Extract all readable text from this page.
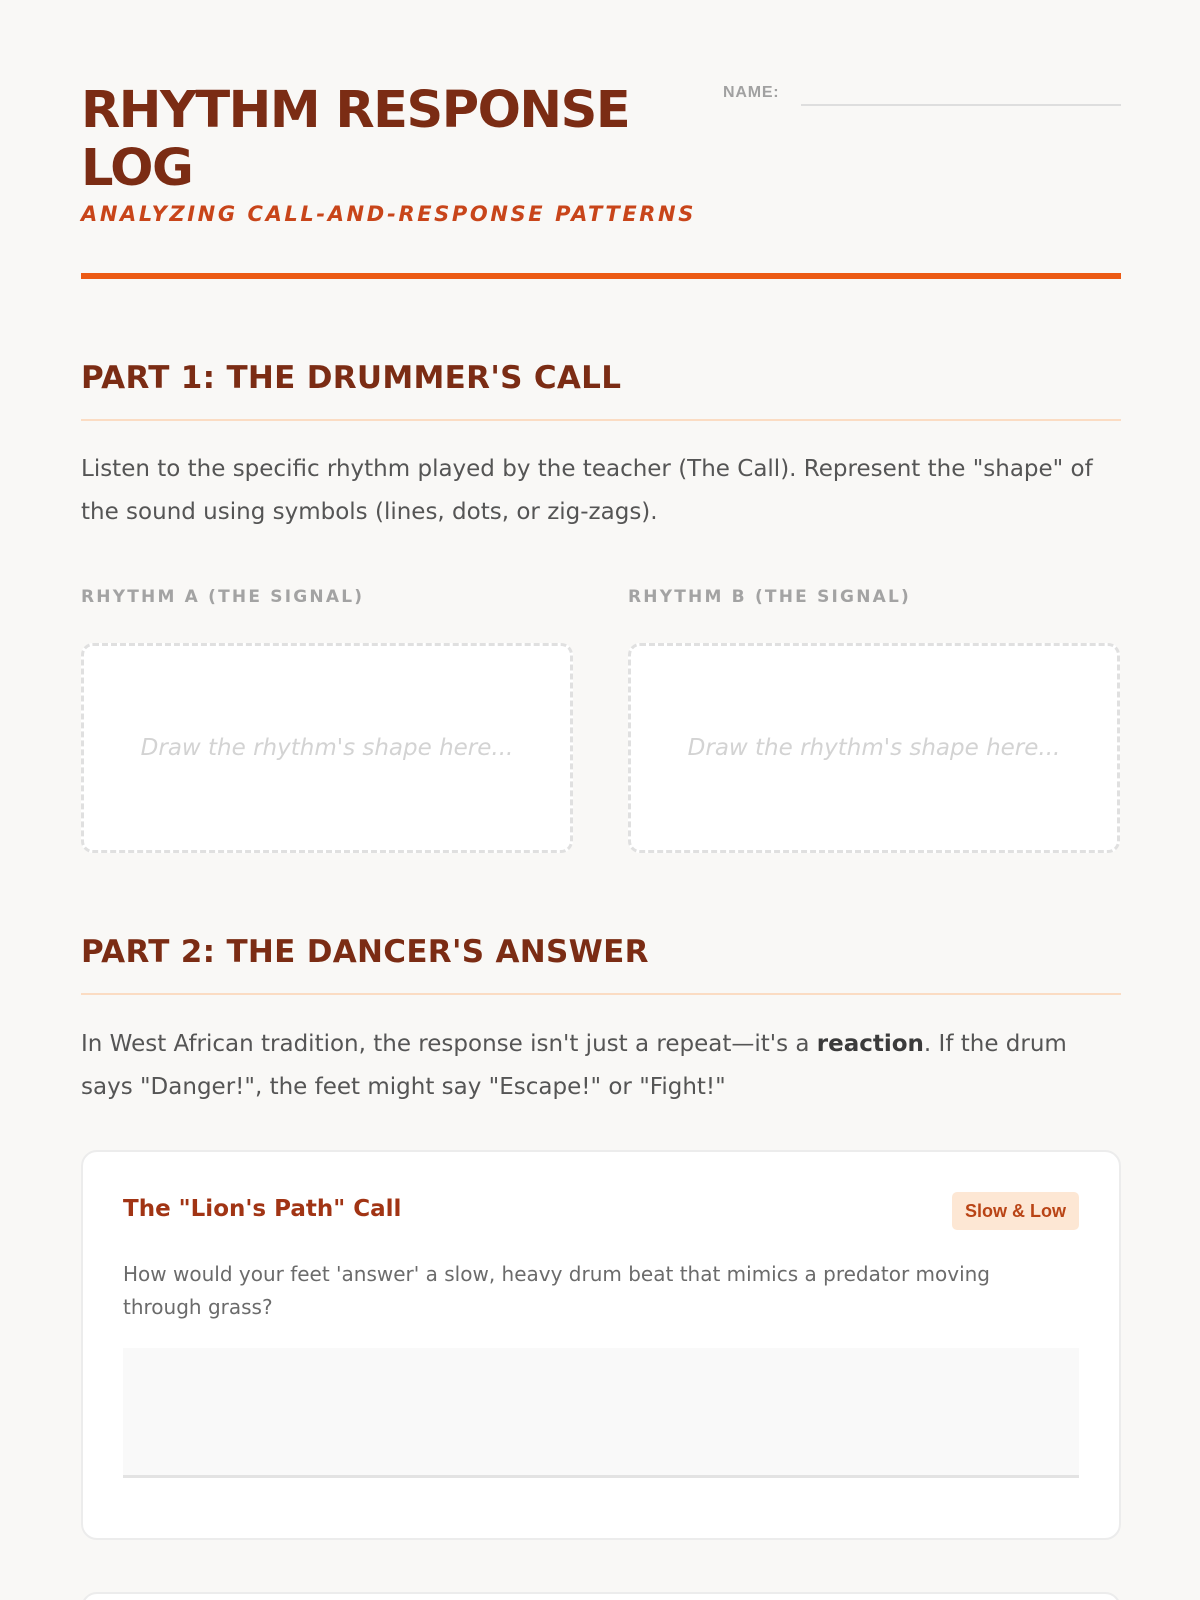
RHYTHM RESPONSE LOG
ANALYZING CALL-AND-RESPONSE PATTERNS
NAME:
PART 1: THE DRUMMER'S CALL

Listen to the specific rhythm played by the teacher (The Call). Represent the "shape" of the sound using symbols (lines, dots, or zig-zags).

RHYTHM A (THE SIGNAL)
Draw the rhythm's shape here...
RHYTHM B (THE SIGNAL)
Draw the rhythm's shape here...
PART 2: THE DANCER'S ANSWER

In West African tradition, the response isn't just a repeat—it's a reaction. If the drum says "Danger!", the feet might say "Escape!" or "Fight!"

The "Lion's Path" Call	Slow & Low

How would your feet 'answer' a slow, heavy drum beat that mimics a predator moving through grass?
